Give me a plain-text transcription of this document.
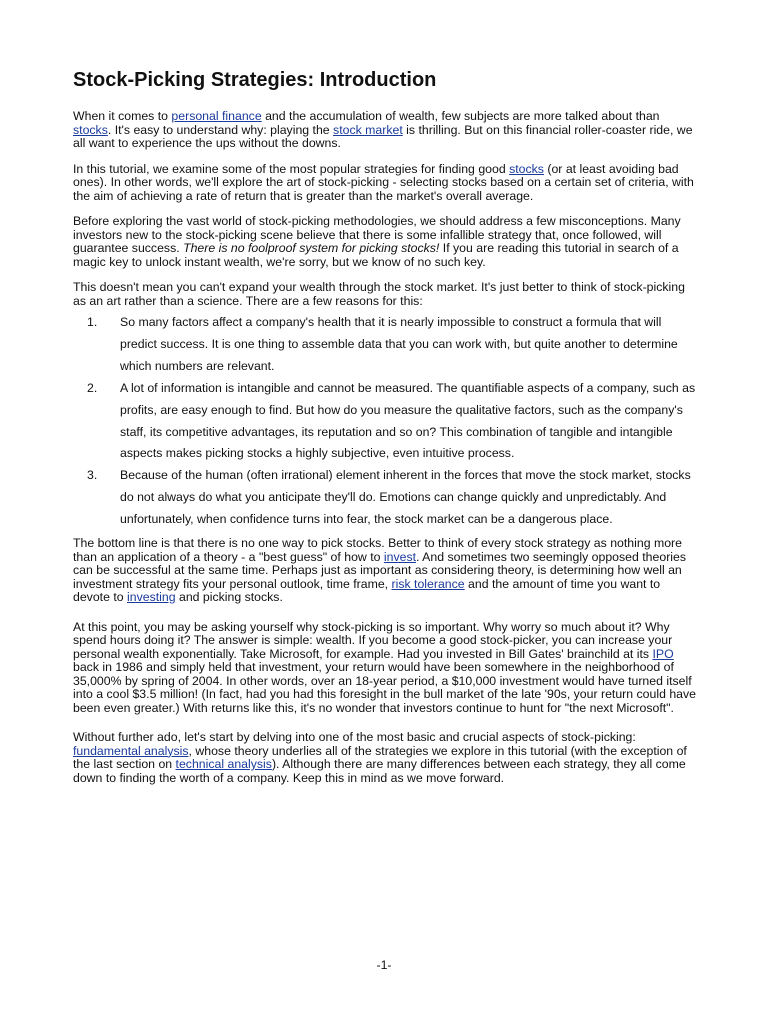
Stock-Picking Strategies: Introduction

When it comes to personal finance and the accumulation of wealth, few subjects are more talked about than stocks. It's easy to understand why: playing the stock market is thrilling. But on this financial roller-coaster ride, we all want to experience the ups without the downs.

In this tutorial, we examine some of the most popular strategies for finding good stocks (or at least avoiding bad ones). In other words, we'll explore the art of stock-picking - selecting stocks based on a certain set of criteria, with the aim of achieving a rate of return that is greater than the market's overall average.

Before exploring the vast world of stock-picking methodologies, we should address a few misconceptions. Many investors new to the stock-picking scene believe that there is some infallible strategy that, once followed, will guarantee success. There is no foolproof system for picking stocks! If you are reading this tutorial in search of a magic key to unlock instant wealth, we're sorry, but we know of no such key.

This doesn't mean you can't expand your wealth through the stock market. It's just better to think of stock-picking as an art rather than a science. There are a few reasons for this:

1. So many factors affect a company's health that it is nearly impossible to construct a formula that will predict success. It is one thing to assemble data that you can work with, but quite another to determine which numbers are relevant.
2. A lot of information is intangible and cannot be measured. The quantifiable aspects of a company, such as profits, are easy enough to find. But how do you measure the qualitative factors, such as the company's staff, its competitive advantages, its reputation and so on? This combination of tangible and intangible aspects makes picking stocks a highly subjective, even intuitive process.
3. Because of the human (often irrational) element inherent in the forces that move the stock market, stocks do not always do what you anticipate they'll do. Emotions can change quickly and unpredictably. And unfortunately, when confidence turns into fear, the stock market can be a dangerous place.

The bottom line is that there is no one way to pick stocks. Better to think of every stock strategy as nothing more than an application of a theory - a "best guess" of how to invest. And sometimes two seemingly opposed theories can be successful at the same time. Perhaps just as important as considering theory, is determining how well an investment strategy fits your personal outlook, time frame, risk tolerance and the amount of time you want to devote to investing and picking stocks.

At this point, you may be asking yourself why stock-picking is so important. Why worry so much about it? Why spend hours doing it? The answer is simple: wealth. If you become a good stock-picker, you can increase your personal wealth exponentially. Take Microsoft, for example. Had you invested in Bill Gates' brainchild at its IPO back in 1986 and simply held that investment, your return would have been somewhere in the neighborhood of 35,000% by spring of 2004. In other words, over an 18-year period, a $10,000 investment would have turned itself into a cool $3.5 million! (In fact, had you had this foresight in the bull market of the late '90s, your return could have been even greater.) With returns like this, it's no wonder that investors continue to hunt for "the next Microsoft".

Without further ado, let's start by delving into one of the most basic and crucial aspects of stock-picking: fundamental analysis, whose theory underlies all of the strategies we explore in this tutorial (with the exception of the last section on technical analysis). Although there are many differences between each strategy, they all come down to finding the worth of a company. Keep this in mind as we move forward.

-1-
